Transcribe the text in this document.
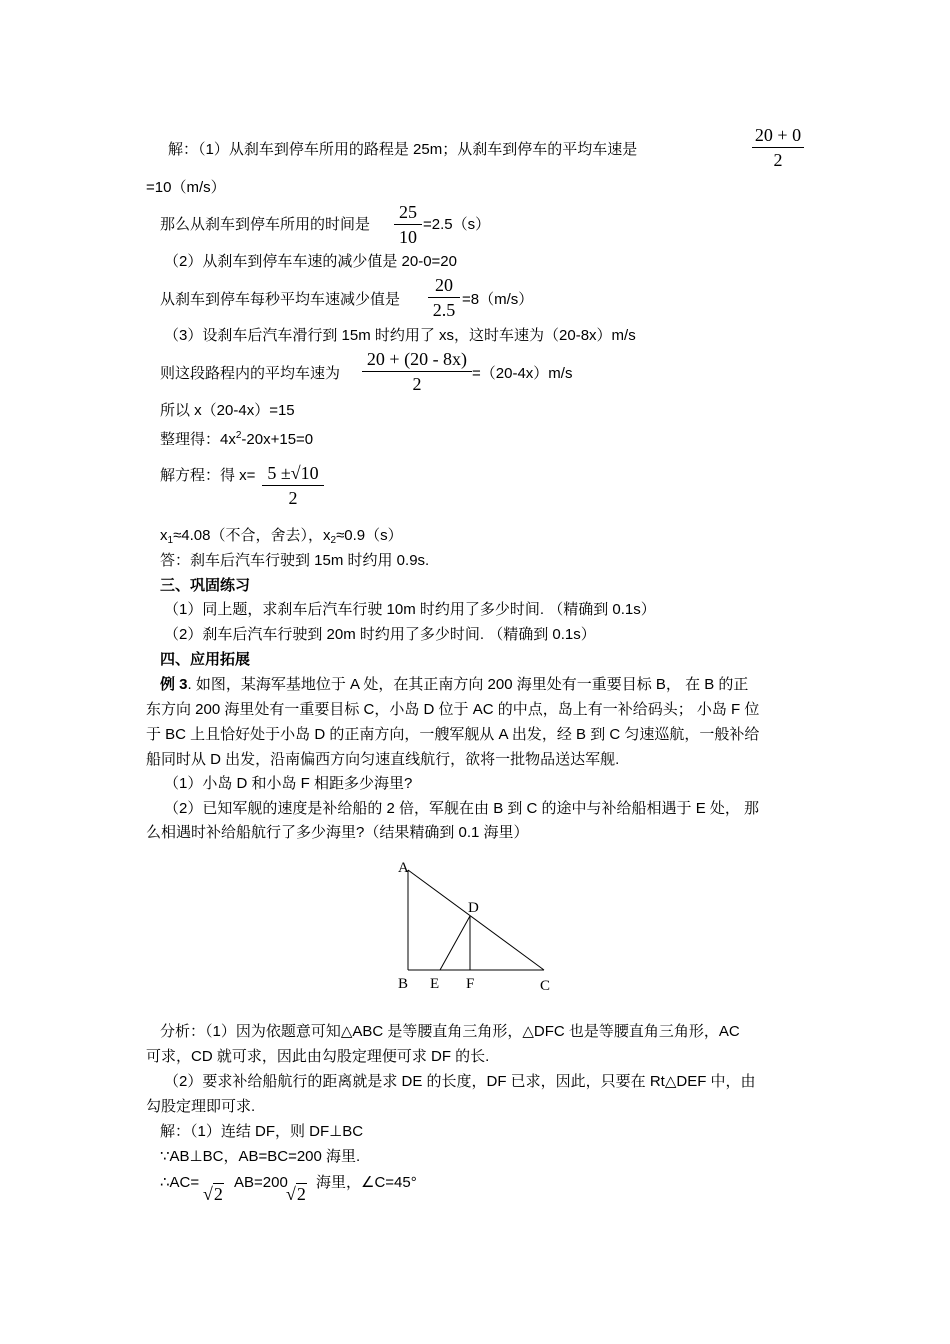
解：（1）从刹车到停车所用的路程是 25m；从刹车到停车的平均车速是
20 + 0
2
=10（m/s）
那么从刹车到停车所用的时间是
25
10
=2.5（s）
（2）从刹车到停车车速的减少值是 20-0=20
从刹车到停车每秒平均车速减少值是
20
2.5
=8（m/s）
（3）设刹车后汽车滑行到 15m 时约用了 xs，这时车速为（20-8x）m/s
则这段路程内的平均车速为
20 + (20 - 8x)
2
=（20-4x）m/s
所以 x（20-4x）=15
整理得：$4x^2-20x+15=0$
解方程：得 x= 5 ±√10
2
$x_1\approx 4.08$（不合，舍去），$x_2\approx 0.9(s)$
答：刹车后汽车行驶到 15m 时约用 0.9s.
三、巩固练习
（1）同上题，求刹车后汽车行驶 10m 时约用了多少时间. （精确到 0.1s）
（2）刹车后汽车行驶到 20m 时约用了多少时间. （精确到 0.1s）
四、应用拓展
例 3. 如图，某海军基地位于 A 处，在其正南方向 200 海里处有一重要目标 B， 在 B 的正
东方向 200 海里处有一重要目标 C，小岛 D 位于 AC 的中点，岛上有一补给码头； 小岛 F 位
于 BC 上且恰好处于小岛 D 的正南方向，一艘军舰从 A 出发，经 B 到 C 匀速巡航，一般补给
船同时从 D 出发，沿南偏西方向匀速直线航行，欲将一批物品送达军舰.
（1）小岛 D 和小岛 F 相距多少海里?
（2）已知军舰的速度是补给船的 2 倍，军舰在由 B 到 C 的途中与补给船相遇于 E 处， 那
么相遇时补给船航行了多少海里?（结果精确到 0.1 海里）
A
B	C
D
E F
分析：（1）因为依题意可知△ABC 是等腰直角三角形，△DFC 也是等腰直角三角形，AC
可求，CD 就可求，因此由勾股定理便可求 DF 的长.
（2）要求补给船航行的距离就是求 DE 的长度，DF 已求，因此，只要在 Rt△DEF 中，由
勾股定理即可求.
解：（1）连结 DF，则 DF⊥BC
∵AB⊥BC，AB=BC=200 海里.
∴AC=
√2
AB=200
√2
海里，∠C=45°
